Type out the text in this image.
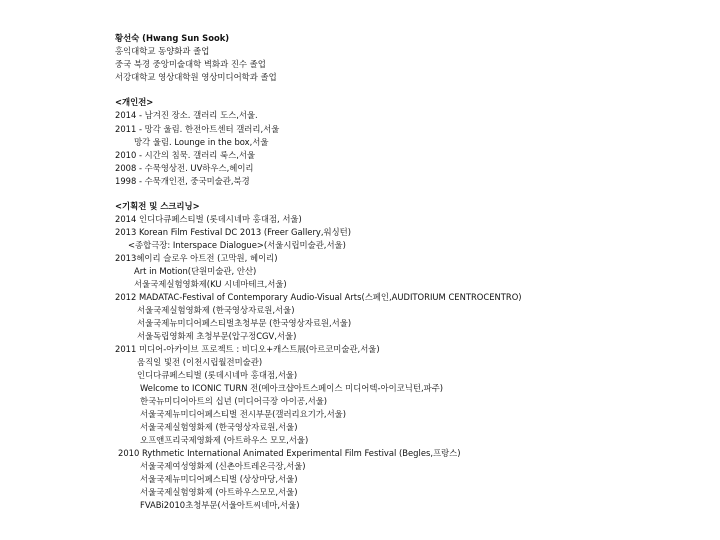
황선숙 (Hwang Sun Sook)
홍익대학교 동양화과 졸업
중국 북경 중앙미술대학 벽화과 진수 졸업
서강대학교 영상대학원 영상미디어학과 졸업
<개인전>
2014 - 남겨진 장소. 갤러리 도스,서울.
2011 - 망각 울림. 한전아트센터 갤러리,서울
망각 울림. Lounge in the box,서울
2010 - 시간의 침묵. 갤러리 룩스,서울
2008 - 수묵영상전. UV하우스,헤이리
1998 - 수묵개인전, 중국미술관,북경
<기획전 및 스크리닝>
2014 인디다큐페스티벌 (롯데시네마 홍대점, 서울)
2013 Korean Film Festival DC 2013 (Freer Gallery,워싱턴)
<종합극장: Interspace Dialogue>(서울시립미술관,서울)
2013헤이리 슬로우 아트전 (고막원, 헤이리)
Art in Motion(단원미술관, 안산)
서울국제실험영화제(KU 시네마테크,서울)
2012 MADATAC-Festival of Contemporary Audio-Visual Arts(스페인,AUDITORIUM CENTROCENTRO)
서울국제실험영화제 (한국영상자료원,서울)
서울국제뉴미디어페스티벌초청부문 (한국영상자료원,서울)
서울독립영화제 초청부문(압구정CGV,서울)
2011 미디어-아카이브 프로젝트 : 비디오+캐스트展(아르코미술관,서울)
움직일 빛전 (이천시립월전미술관)
인디다큐페스티벌 (롯데시네마 홍대점,서울)
Welcome to ICONIC TURN 전(메아크샵아트스페이스 미디어텍-아이코닉턴,파주)
한국뉴미디어아트의 십년 (미디어극장 아이공,서울)
서울국제뉴미디어페스티벌 전시부문(갤러리요기가,서울)
서울국제실험영화제 (한국영상자료원,서울)
오프앤프리국제영화제 (아트하우스 모모,서울)
2010 Rythmetic International Animated Experimental Film Festival (Begles,프랑스)
서울국제여성영화제 (신촌아트레온극장,서울)
서울국제뉴미디어페스티벌 (상상마당,서울)
서울국제실험영화제 (아트하우스모모,서울)
FVABi2010초청부문(서울아트씨네마,서울)
